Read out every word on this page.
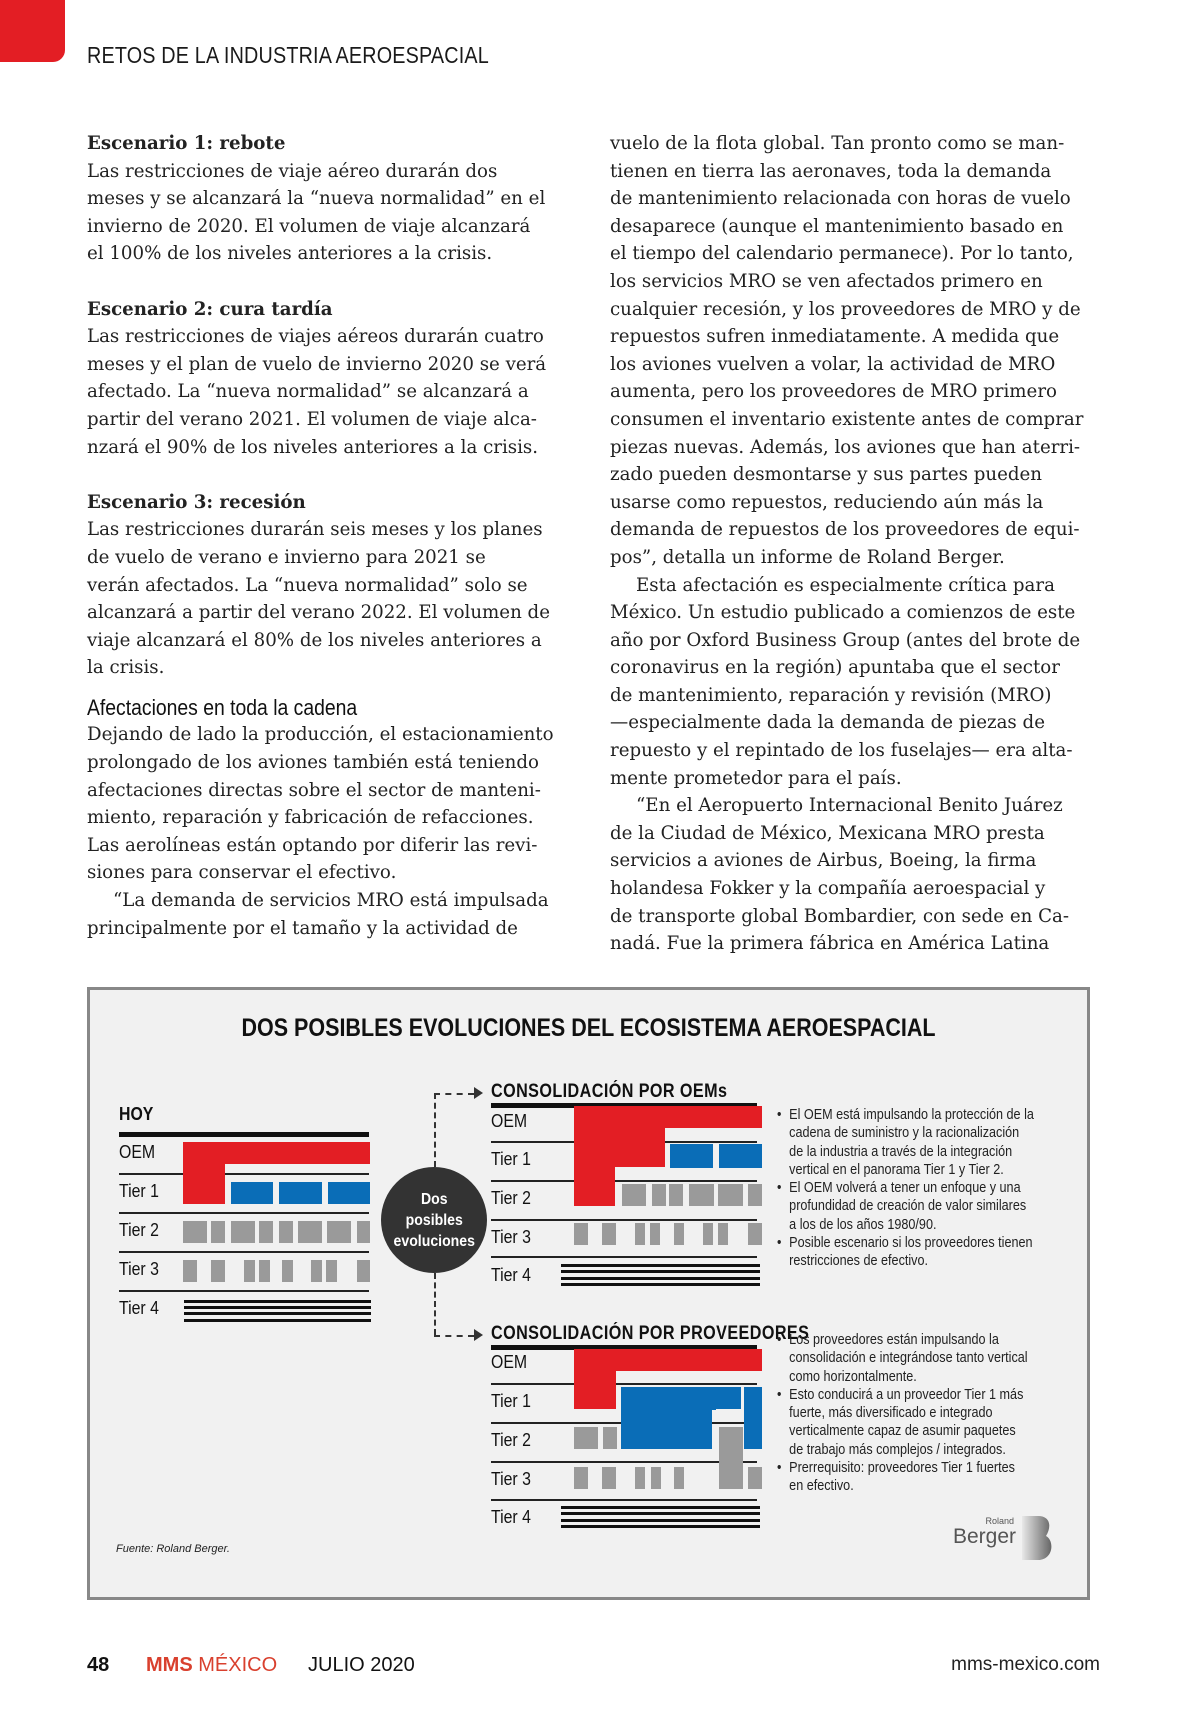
RETOS DE LA INDUSTRIA AEROESPACIAL
Escenario 1: rebote
Las restricciones de viaje aéreo durarán dos
meses y se alcanzará la “nueva normalidad” en el
invierno de 2020. El volumen de viaje alcanzará
el 100% de los niveles anteriores a la crisis.
Escenario 2: cura tardía
Las restricciones de viajes aéreos durarán cuatro
meses y el plan de vuelo de invierno 2020 se verá
afectado. La “nueva normalidad” se alcanzará a
partir del verano 2021. El volumen de viaje alca-
nzará el 90% de los niveles anteriores a la crisis.
Escenario 3: recesión
Las restricciones durarán seis meses y los planes
de vuelo de verano e invierno para 2021 se
verán afectados. La “nueva normalidad” solo se
alcanzará a partir del verano 2022. El volumen de
viaje alcanzará el 80% de los niveles anteriores a
la crisis.
Afectaciones en toda la cadena
Dejando de lado la producción, el estacionamiento
prolongado de los aviones también está teniendo
afectaciones directas sobre el sector de manteni-
miento, reparación y fabricación de refacciones.
Las aerolíneas están optando por diferir las revi-
siones para conservar el efectivo.
“La demanda de servicios MRO está impulsada
principalmente por el tamaño y la actividad de
vuelo de la flota global. Tan pronto como se man-
tienen en tierra las aeronaves, toda la demanda
de mantenimiento relacionada con horas de vuelo
desaparece (aunque el mantenimiento basado en
el tiempo del calendario permanece). Por lo tanto,
los servicios MRO se ven afectados primero en
cualquier recesión, y los proveedores de MRO y de
repuestos sufren inmediatamente. A medida que
los aviones vuelven a volar, la actividad de MRO
aumenta, pero los proveedores de MRO primero
consumen el inventario existente antes de comprar
piezas nuevas. Además, los aviones que han aterri-
zado pueden desmontarse y sus partes pueden
usarse como repuestos, reduciendo aún más la
demanda de repuestos de los proveedores de equi-
pos”, detalla un informe de Roland Berger.
Esta afectación es especialmente crítica para
México. Un estudio publicado a comienzos de este
año por Oxford Business Group (antes del brote de
coronavirus en la región) apuntaba que el sector
de mantenimiento, reparación y revisión (MRO)
—especialmente dada la demanda de piezas de
repuesto y el repintado de los fuselajes— era alta-
mente prometedor para el país.
“En el Aeropuerto Internacional Benito Juárez
de la Ciudad de México, Mexicana MRO presta
servicios a aviones de Airbus, Boeing, la firma
holandesa Fokker y la compañía aeroespacial y
de transporte global Bombardier, con sede en Ca-
nadá. Fue la primera fábrica en América Latina
DOS POSIBLES EVOLUCIONES DEL ECOSISTEMA AEROESPACIAL
HOY
OEM
Tier 1
Tier 2
Tier 3
Tier 4
Dos
posibles
evoluciones
CONSOLIDACIÓN POR OEMs
OEM
Tier 1
Tier 2
Tier 3
Tier 4
• El OEM está impulsando la protección de la
cadena de suministro y la racionalización
de la industria a través de la integración
vertical en el panorama Tier 1 y Tier 2.
• El OEM volverá a tener un enfoque y una
profundidad de creación de valor similares
a los de los años 1980/90.
• Posible escenario si los proveedores tienen
restricciones de efectivo.
CONSOLIDACIÓN POR PROVEEDORES
OEM
Tier 1
Tier 2
Tier 3
Tier 4
• Los proveedores están impulsando la
consolidación e integrándose tanto vertical
como horizontalmente.
• Esto conducirá a un proveedor Tier 1 más
fuerte, más diversificado e integrado
verticalmente capaz de asumir paquetes
de trabajo más complejos / integrados.
• Prerrequisito: proveedores Tier 1 fuertes
en efectivo.
Fuente: Roland Berger.
Roland
Berger
48 MMS MÉXICO JULIO 2020	mms-mexico.com
